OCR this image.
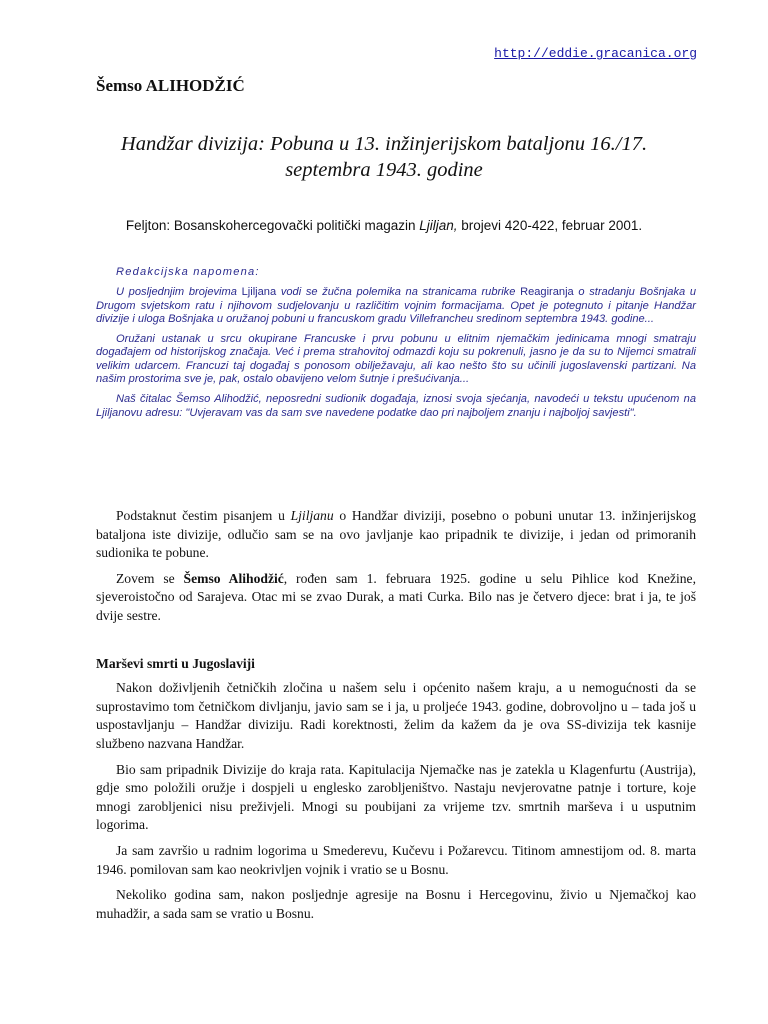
http://eddie.gracanica.org
Šemso ALIHODŽIĆ
Handžar divizija: Pobuna u 13. inžinjerijskom bataljonu 16./17.
septembra 1943. godine
Feljton: Bosanskohercegovački politički magazin Ljiljan, brojevi 420-422, februar 2001.
Redakcijska napomena:

U posljednjim brojevima Ljiljana vodi se žučna polemika na stranicama rubrike Reagiranja o stradanju Bošnjaka u Drugom svjetskom ratu i njihovom sudjelovanju u različitim vojnim formacijama. Opet je potegnuto i pitanje Handžar divizije i uloga Bošnjaka u oružanoj pobuni u francuskom gradu Villefrancheu sredinom septembra 1943. godine...

Oružani ustanak u srcu okupirane Francuske i prvu pobunu u elitnim njemačkim jedinicama mnogi smatraju događajem od historijskog značaja. Već i prema strahovitoj odmazdi koju su pokrenuli, jasno je da su to Nijemci smatrali velikim udarcem. Francuzi taj događaj s ponosom obilježavaju, ali kao nešto što su učinili jugoslavenski partizani. Na našim prostorima sve je, pak, ostalo obavijeno velom šutnje i prešućivanja...

Naš čitalac Šemso Alihodžić, neposredni sudionik događaja, iznosi svoja sjećanja, navodeći u tekstu upućenom na Ljiljanovu adresu: "Uvjeravam vas da sam sve navedene podatke dao pri najboljem znanju i najboljoj savjesti".

Podstaknut čestim pisanjem u Ljiljanu o Handžar diviziji, posebno o pobuni unutar 13. inžinjerijskog bataljona iste divizije, odlučio sam se na ovo javljanje kao pripadnik te divizije, i jedan od primoranih sudionika te pobune.

Zovem se Šemso Alihodžić, rođen sam 1. februara 1925. godine u selu Pihlice kod Knežine, sjeveroistočno od Sarajeva. Otac mi se zvao Durak, a mati Curka. Bilo nas je četvero djece: brat i ja, te još dvije sestre.

Marševi smrti u Jugoslaviji

Nakon doživljenih četničkih zločina u našem selu i općenito našem kraju, a u nemogućnosti da se suprostavimo tom četničkom divljanju, javio sam se i ja, u proljeće 1943. godine, dobrovoljno u – tada još u uspostavljanju – Handžar diviziju. Radi korektnosti, želim da kažem da je ova SS-divizija tek kasnije službeno nazvana Handžar.

Bio sam pripadnik Divizije do kraja rata. Kapitulacija Njemačke nas je zatekla u Klagenfurtu (Austrija), gdje smo položili oružje i dospjeli u englesko zarobljeništvo. Nastaju nevjerovatne patnje i torture, koje mnogi zarobljenici nisu preživjeli. Mnogi su poubijani za vrijeme tzv. smrtnih marševa i u usputnim logorima.

Ja sam završio u radnim logorima u Smederevu, Kučevu i Požarevcu. Titinom amnestijom od. 8. marta 1946. pomilovan sam kao neokrivljen vojnik i vratio se u Bosnu.

Nekoliko godina sam, nakon posljednje agresije na Bosnu i Hercegovinu, živio u Njemačkoj kao muhadžir, a sada sam se vratio u Bosnu.
